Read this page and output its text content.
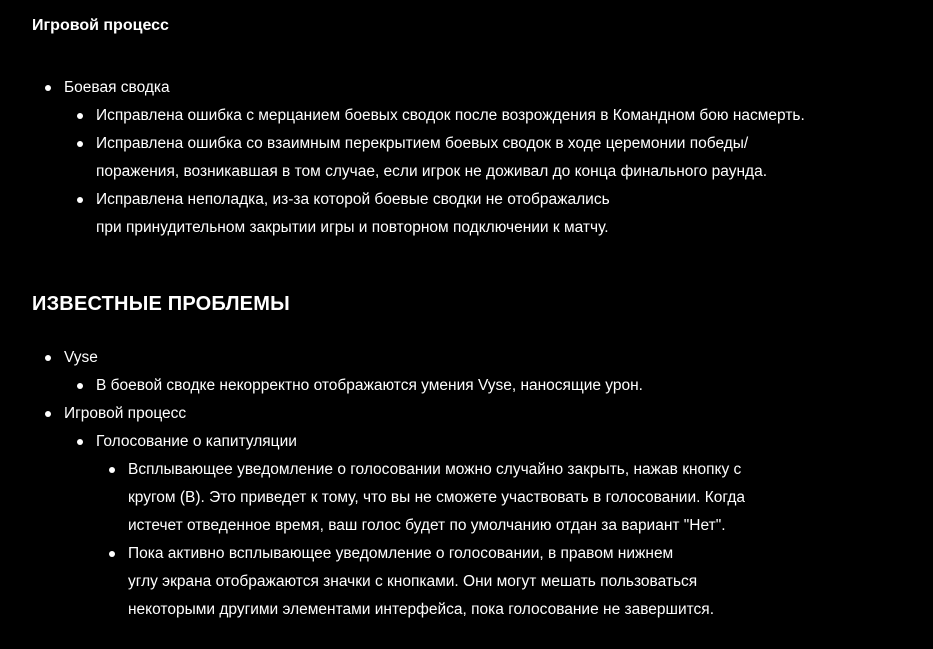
Игровой процесс
Боевая сводка
Исправлена ошибка с мерцанием боевых сводок после возрождения в Командном бою насмерть.
Исправлена ошибка со взаимным перекрытием боевых сводок в ходе церемонии победы/
поражения, возникавшая в том случае, если игрок не доживал до конца финального раунда.
Исправлена неполадка, из-за которой боевые сводки не отображались
при принудительном закрытии игры и повторном подключении к матчу.
ИЗВЕСТНЫЕ ПРОБЛЕМЫ
Vyse
В боевой сводке некорректно отображаются умения Vyse, наносящие урон.
Игровой процесс
Голосование о капитуляции
Всплывающее уведомление о голосовании можно случайно закрыть, нажав кнопку с
кругом (B). Это приведет к тому, что вы не сможете участвовать в голосовании. Когда
истечет отведенное время, ваш голос будет по умолчанию отдан за вариант "Нет".
Пока активно всплывающее уведомление о голосовании, в правом нижнем
углу экрана отображаются значки с кнопками. Они могут мешать пользоваться
некоторыми другими элементами интерфейса, пока голосование не завершится.
